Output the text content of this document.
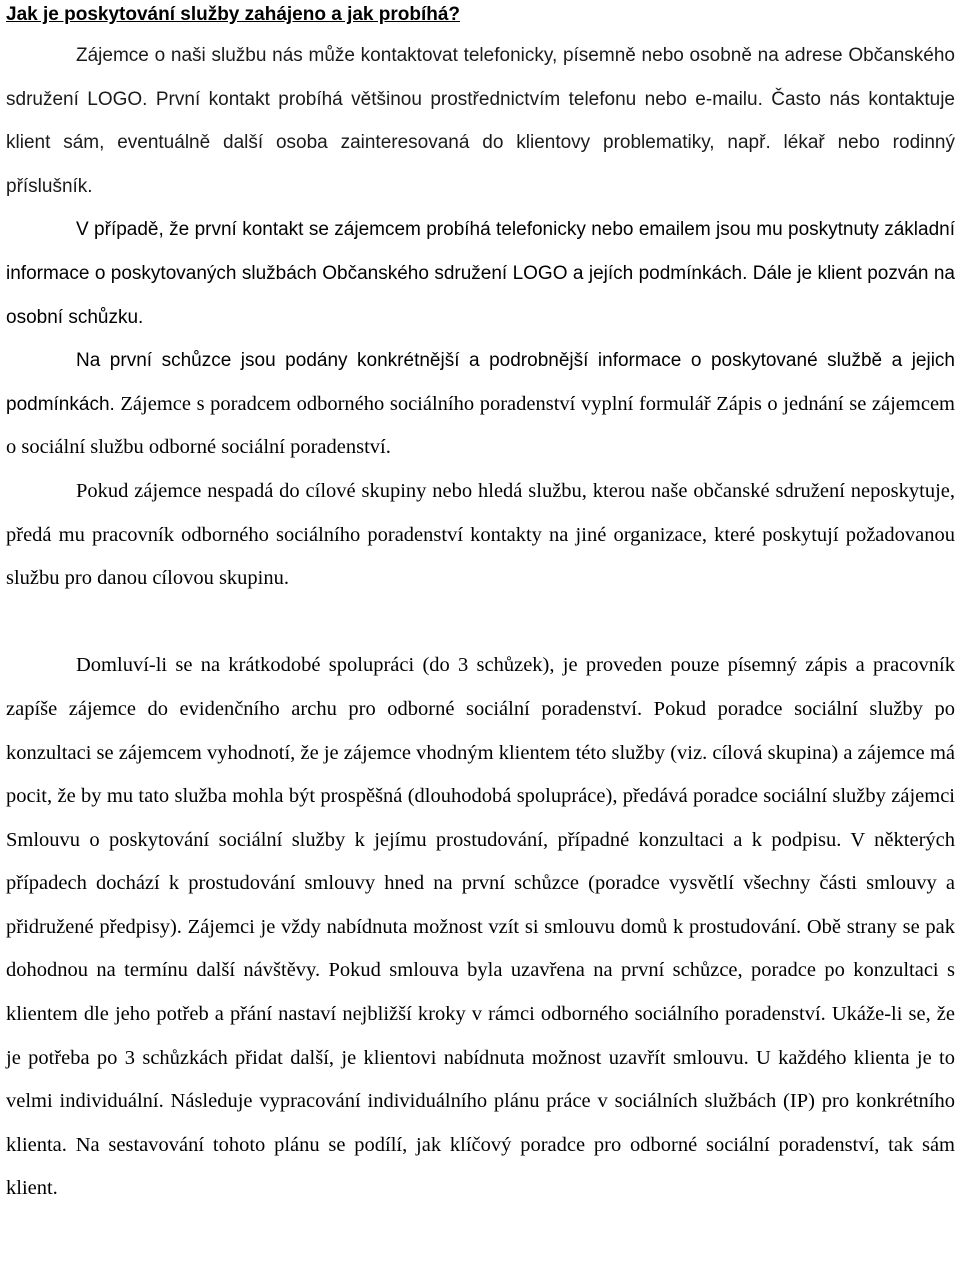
Jak je poskytování služby zahájeno a jak probíhá?

Zájemce o naši službu nás může kontaktovat telefonicky, písemně nebo osobně na adrese Občanského sdružení LOGO. První kontakt probíhá většinou prostřednictvím telefonu nebo e-mailu. Často nás kontaktuje klient sám, eventuálně další osoba zainteresovaná do klientovy problematiky, např. lékař nebo rodinný příslušník.

V případě, že první kontakt se zájemcem probíhá telefonicky nebo emailem jsou mu poskytnuty základní informace o poskytovaných službách Občanského sdružení LOGO a jejích podmínkách. Dále je klient pozván na osobní schůzku.

Na první schůzce jsou podány konkrétnější a podrobnější informace o poskytované službě a jejich podmínkách. Zájemce s poradcem odborného sociálního poradenství vyplní formulář Zápis o jednání se zájemcem o sociální službu odborné sociální poradenství.

Pokud zájemce nespadá do cílové skupiny nebo hledá službu, kterou naše občanské sdružení neposkytuje, předá mu pracovník odborného sociálního poradenství kontakty na jiné organizace, které poskytují požadovanou službu pro danou cílovou skupinu.

Domluví-li se na krátkodobé spolupráci (do 3 schůzek), je proveden pouze písemný zápis a pracovník zapíše zájemce do evidenčního archu pro odborné sociální poradenství. Pokud poradce sociální služby po konzultaci se zájemcem vyhodnotí, že je zájemce vhodným klientem této služby (viz. cílová skupina) a zájemce má pocit, že by mu tato služba mohla být prospěšná (dlouhodobá spolupráce), předává poradce sociální služby zájemci Smlouvu o poskytování sociální služby k jejímu prostudování, případné konzultaci a k podpisu. V některých případech dochází k prostudování smlouvy hned na první schůzce (poradce vysvětlí všechny části smlouvy a přidružené předpisy). Zájemci je vždy nabídnuta možnost vzít si smlouvu domů k prostudování. Obě strany se pak dohodnou na termínu další návštěvy. Pokud smlouva byla uzavřena na první schůzce, poradce po konzultaci s klientem dle jeho potřeb a přání nastaví nejbližší kroky v rámci odborného sociálního poradenství. Ukáže-li se, že je potřeba po 3 schůzkách přidat další, je klientovi nabídnuta možnost uzavřít smlouvu. U každého klienta je to velmi individuální. Následuje vypracování individuálního plánu práce v sociálních službách (IP) pro konkrétního klienta. Na sestavování tohoto plánu se podílí, jak klíčový poradce pro odborné sociální poradenství, tak sám klient.
